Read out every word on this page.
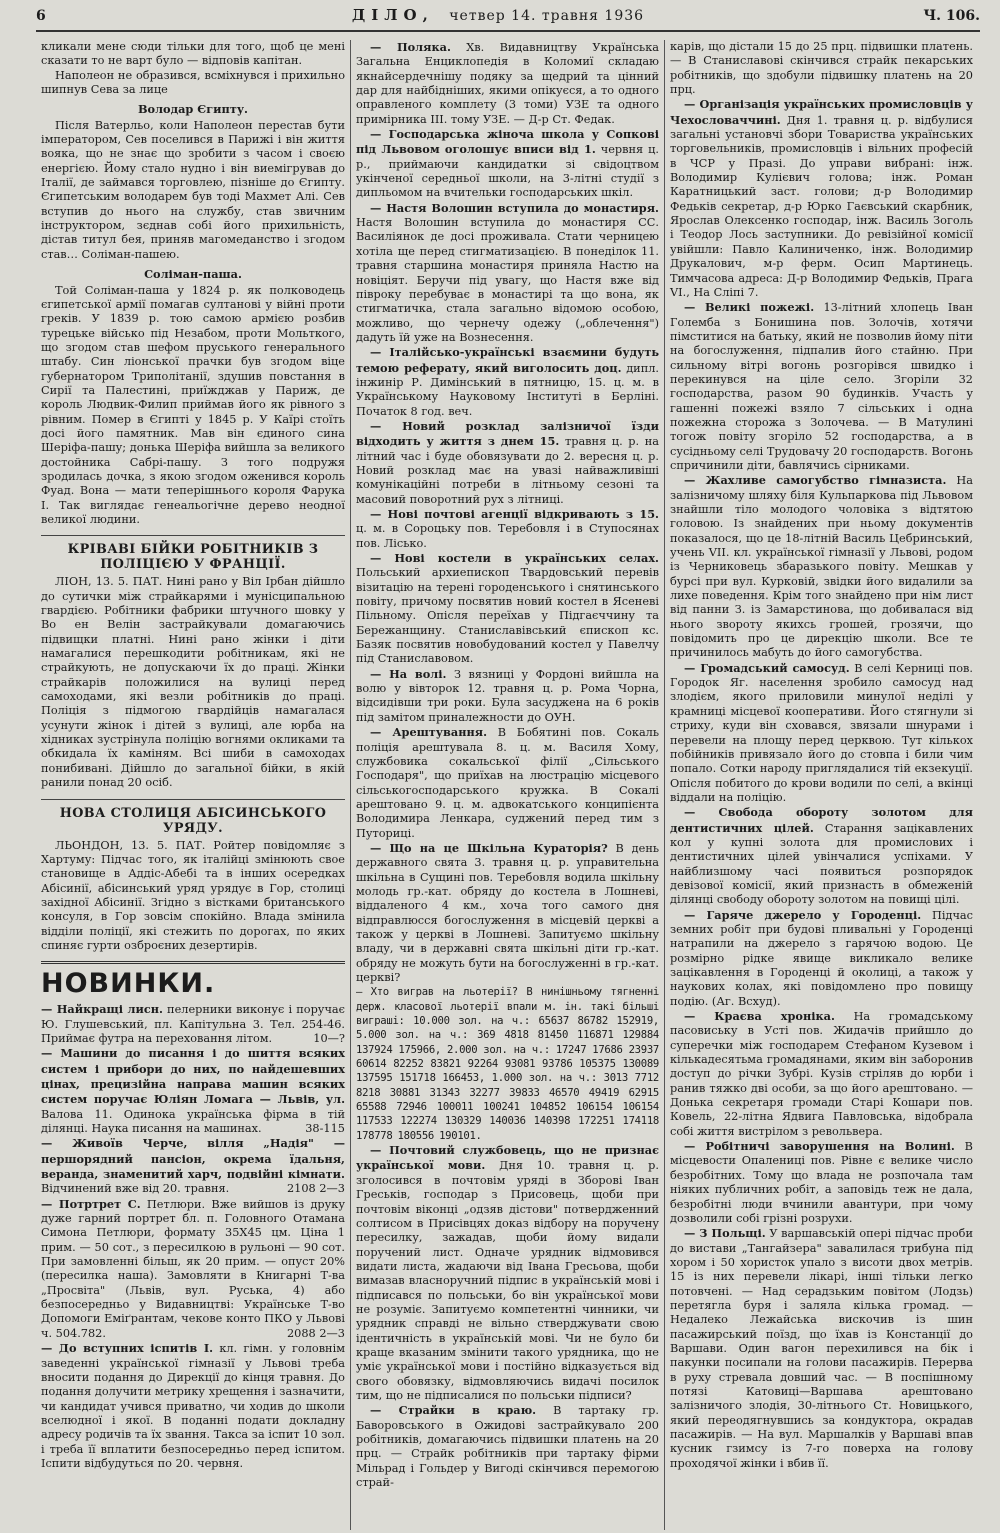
6	ДІЛО, четвер 14. травня 1936	Ч. 106.

кликали мене сюди тільки для того, щоб це мені сказати то не варт було — відповів капітан.

Наполеон не образився, всміхнувся і прихильно шипнув Сева за лице

Володар Єгипту.

Після Ватерльо, коли Наполеон перестав бути імператором, Сев поселився в Парижі і він життя вояка, що не знає що зробити з часом і своєю енергією. Йому стало нудно і він виемігрував до Італії, де займався торговлею, пізніше до Єгипту. Єгипетським володарем був тоді Махмет Алі. Сев вступив до нього на службу, став звичним інструктором, зєднав собі його прихильність, дістав титул бея, приняв магомеданство і згодом став… Соліман-пашею.

Соліман-паша.

Той Соліман-паша у 1824 р. як полководець єгипетської армії помагав султанові у війні проти греків. У 1839 р. тою самою армією розбив турецьке військо під Незабом, проти Мольткого, що згодом став шефом пруського генерального штабу. Син ліонської прачки був згодом віце губернатором Триполітанії, здушив повстання в Сирії та Палестині, приїжджав у Париж, де король Людвик-Филип приймав його як рівного з рівним. Помер в Єгипті у 1845 р. У Каїрі стоїть досі його памятник. Мав він єдиного сина Шеріфа-пашу; донька Шеріфа вийшла за великого достойника Сабрі-пашу. З того подружя зродилась дочка, з якою згодом оженився король Фуад. Вона — мати теперішнього короля Фарука І. Так виглядає генеальогічне дерево неодної великої людини.

КРІВАВІ БІЙКИ РОБІТНИКІВ З ПОЛІЦІЄЮ У ФРАНЦІЇ.

ЛІОН, 13. 5. ПАТ. Нині рано у Віл Ірбан дійшло до сутички між страйкарями і мунісципальною гвардією. Робітники фабрики штучного шовку у Во ен Велін застрайкували домагаючись підвищки платні. Нині рано жінки і діти намагалися перешкодити робітникам, які не страйкують, не допускаючи їх до праці. Жінки страйкарів положилися на вулиці перед самоходами, які везли робітників до праці. Поліція з підмогою гвардійців намагалася усунути жінок і дітей з вулиці, але юрба на хідниках зустрінула поліцію вогнями окликами та обкидала їх каміням. Всі шиби в самоходах понибивані. Дійшло до загальної бійки, в якій ранили понад 20 осіб.

НОВА СТОЛИЦЯ АБІСИНСЬКОГО УРЯДУ.

ЛЬОНДОН, 13. 5. ПАТ. Ройтер повідомляє з Хартуму: Підчас того, як італійці змінюють свое становище в Аддіс-Абебі та в інших осередках Абісинії, абісинський уряд урядує в Гор, столиці західної Абісинії. Згідно з вістками британського консуля, в Гор зовсім спокійно. Влада змінила відділи поліції, які стежить по дорогах, по яких спиняє гурти озброєних дезертирів.

НОВИНКИ.

— Найкращі лисн. пелерники виконує і поручає Ю. Глушевський, пл. Капітульна 3. Тел. 254-46. Приймає футра на переховання літом.	10—?

— Машини до писання і до шиття всяких систем і прибори до них, по найдешевших цінах, прецизійна направа машин всяких систем поручає Юліян Ломага — Львів, ул. Валова 11. Одинока українська фірма в тій ділянці. Наука писання на машинах.	38-115

— Живоїв Черче, вілля „Надія" — першорядний пансіон, окрема їдальня, веранда, знаменитий харч, подвійні кімнати. Відчинений вже від 20. травня.	2108 2—3

— Потртрет С. Петлюри. Вже вийшов із друку дуже гарний портрет бл. п. Головного Отамана Симона Петлюри, формату 35Х45 цм. Ціна 1 прим. — 50 сот., з пересилкою в рульоні — 90 сот. При замовленні більш, як 20 прим. — опуст 20% (пересилка наша). Замовляти в Книгарні Т-ва „Просвіта" (Львів, вул. Руська, 4) або безпосередньо у Видавництві: Українське Т-во Допомоги Еміґрантам, чекове конто ПКО у Львові ч. 504.782.	2088 2—3

— До вступних іспитів І. кл. гімн. у головнім заведенні української гімназії у Львові треба вносити подання до Дирекції до кінця травня. До подання долучити метрику хрещення і зазначити, чи кандидат учився приватно, чи ходив до школи вселюдної і якої. В поданні подати докладну адресу родичів та їх звання. Такса за іспит 10 зол. і треба її вплатити безпосередньо перед іспитом. Іспити відбудуться по 20. червня.

— Поляка. Хв. Видавництву Українська Загальна Енциклопедія в Коломиї складаю якнайсердечнішу подяку за щедрий та цінний дар для найбідніших, якими опікуєся, а то одного оправленого комплету (3 томи) УЗЕ та одного примірника III. тому УЗЕ. — Д-р Ст. Федак.

— Господарська жіноча школа у Сопкові під Львовом оголошує вписи від 1. червня ц. р., приймаючи кандидатки зі свідоцтвом укінченої середньої школи, на 3-літні студії з дипльомом на вчительки господарських шкіл.

— Настя Волошин вступила до монастиря. Настя Волошин вступила до монастиря СС. Василіянок де досі проживала. Стати черницею хотіла ще перед стигматизацією. В понеділок 11. травня старшина монастиря приняла Настю на новіціят. Беручи під увагу, що Настя вже від півроку перебуває в монастирі та що вона, як стигматичка, стала загально відомою особою, можливо, що чернечу одежу („облечення") дадуть їй уже на Вознесення.

— Італійсько-українські взаємини будуть темою реферату, який виголосить доц. дипл. інжинір Р. Димінський в пятницю, 15. ц. м. в Українському Науковому Інституті в Берліні. Початок 8 год. веч.

— Новий розклад залізничої їзди відходить у життя з днем 15. травня ц. р. на літний час і буде обовязувати до 2. вересня ц. р. Новий розклад має на увазі найважливіші комунікаційні потреби в літньому сезоні та масовий поворотний рух з літниці.

— Нові почтові агенції відкривають з 15. ц. м. в Сороцьку пов. Теребовля і в Ступосянах пов. Лісько.

— Нові костели в українських селах. Польський архиепископ Твардовський перевів візитацію на терені городенського і снятинського повіту, причому посвятив новий костел в Ясеневі Пільному. Опісля переїхав у Підгаєччину та Бережанщину. Станиславівський єпископ кс. Базяк посвятив новобудований костел у Павелчу під Станиславовом.

— На волі. З вязниці у Фордоні вийшла на волю у вівторок 12. травня ц. р. Рома Чорна, відсидівши три роки. Була засуджена на 6 років під замітом приналежности до ОУН.

— Арештування. В Бобятині пов. Сокаль поліція арештувала 8. ц. м. Василя Хому, службовика сокальської філії „Сільського Господаря", що приїхав на люстрацію місцевого сільськогосподарського кружка. В Сокалі арештовано 9. ц. м. адвокатського конципієнта Володимира Ленкара, суджений перед тим з Путориці.

— Що на це Шкільна Кураторія? В день державного свята 3. травня ц. р. управительна шкільна в Сущині пов. Теребовля водила шкільну молодь гр.-кат. обряду до костела в Лошневі, віддаленого 4 км., хоча того самого дня відправлюсся богослуження в місцевій церкві а також у церкві в Лошневі. Запитуємо шкільну владу, чи в державні свята шкільні діти гр.-кат. обряду не можуть бути на богослуженні в гр.-кат. церкві?

— Хто виграв на льотерії? В нинішньому тягненні держ. класової льотерії впали м. ін. такі більші виграші: 10.000 зол. на ч.: 65637 86782 152919, 5.000 зол. на ч.: 369 4818 81450 116871 129884 137924 175966, 2.000 зол. на ч.: 17247 17686 23937 60614 82252 83821 92264 93081 93786 105375 130089 137595 151718 166453, 1.000 зол. на ч.: 3013 7712 8218 30881 31343 32277 39833 46570 49419 62915 65588 72946 100011 100241 104852 106154 106154 117533 122274 130329 140036 140398 172251 174118 178778 180556 190101.

— Почтовий службовець, що не признає української мови. Дня 10. травня ц. р. зголосився в почтовім уряді в Зборові Іван Греськів, господар з Присовець, щоби при почтовім віконці „одзяв дістови" потвердженний солтисом в Присівцях доказ відбору на поручену пересилку, зажадав, щоби йому видали поручений лист. Одначе урядник відмовився видати листа, жадаючи від Івана Гресьова, щоби вимазав власноручний підпис в українській мові і підписався по польськи, бо він української мови не розуміє. Запитуємо компетентні чинники, чи урядник справді не вільно стверджувати свою ідентичність в українській мові. Чи не було би краще вказаним змінити такого урядника, що не уміє української мови і постійно відказується від свого обовязку, відмовляючись видачі посилок тим, що не підписалися по польськи підписи?

— Страйки в краю. В тартаку гр. Баворовського в Ожидові застрайкувало 200 робітників, домагаючись підвишки платень на 20 прц. — Страйк робітників при тартаку фірми Мільрад і Гольдер у Вигоді скінчився перемогою страй-

карів, що дістали 15 до 25 прц. підвишки платень. — В Станиславові скінчився страйк пекарських робітників, що здобули підвишку платень на 20 прц.

— Організація українських промисловців у Чехословаччині. Дня 1. травня ц. р. відбулися загальні установчі збори Товариства українських торговельників, промисловців і вільних професій в ЧСР у Празі. До управи вибрані: інж. Володимир Кулієвич голова; інж. Роман Каратницький заст. голови; д-р Володимир Федьків секретар, д-р Юрко Гаєвський скарбник, Ярослав Олексенко господар, інж. Василь Зоголь і Теодор Лось заступники. До ревізійної комісії увійшли: Павло Калиниченко, інж. Володимир Друкалович, м-р ферм. Осип Мартинець. Тимчасова адреса: Д-р Володимир Федьків, Прага VI., На Сліпі 7.

— Великі пожежі. 13-літний хлопець Іван Големба з Бонишина пов. Золочів, хотячи пімститися на батьку, який не позволив йому піти на богослуження, підпалив його стайню. При сильному вітрі вогонь розгорівся швидко і перекинувся на ціле село. Згоріли 32 господарства, разом 90 будинків. Участь у гашенні пожежі взяло 7 сільських і одна пожежна сторожа з Золочева. — В Матулині тогож повіту згоріло 52 господарства, а в сусідньому селі Трудовачу 20 господарств. Вогонь спричинили діти, бавлячись сірниками.

— Жахливе самогубство гімназиста. На залізничому шляху біля Кульпаркова під Львовом знайшли тіло молодого чоловіка з відтятою головою. Із знайдених при ньому документів показалося, що це 18-літній Василь Цебринський, учень VII. кл. української гімназії у Львові, родом із Черниковець збаразького повіту. Мешкав у бурсі при вул. Курковій, звідки його видалили за лихе поведення. Крім того знайдено при нім лист від панни З. із Замарстинова, що добивалася від нього звороту якихсь грошей, грозячи, що повідомить про це дирекцію школи. Все те причинилось мабуть до його самогубства.

— Громадський самосуд. В селі Керниці пов. Городок Яг. населення зробило самосуд над злодієм, якого приловили минулої неділі у крамниці місцевої кооперативи. Його стягнули зі стриху, куди він сховався, звязали шнурами і перевели на площу перед церквою. Тут кількох побійників привязало його до стовпа і били чим попало. Сотки народу приглядалися тій екзекуції. Опісля побитого до крови водили по селі, а вкінці віддали на поліцію.

— Свобода обороту золотом для дентистичних цілей. Старання зацікавлених кол у купні золота для промислових і дентистичних цілей увінчалися успіхами. У найблизшому часі появиться розпорядок девізової комісії, який признасть в обмеженій ділянці свободу обороту золотом на повищі цілі.

— Гаряче джерело у Городенці. Підчас земних робіт при будові пливальні у Городенці натрапили на джерело з гарячою водою. Це розмірно рідке явище викликало велике зацікавлення в Городенці й околиці, а також у наукових колах, які повідомлено про повищу подію. (Аг. Всхуд).

— Краєва хроніка. На громадському пасовиську в Усті пов. Жидачів прийшло до суперечки між господарем Стефаном Кузевом і кількадесятьма громадянами, яким він заборонив доступ до річки Зубрі. Кузів стріляв до юрби і ранив тяжко дві особи, за що його арештовано. — Донька секретаря громади Старі Кошари пов. Ковель, 22-літна Ядвига Павловська, відобрала собі життя вистрілом з револьвера.

— Робітничі заворушення на Волині. В місцевости Опалениці пов. Рівне є велике число безробітних. Тому що влада не розпочала там ніяких публичних робіт, а заповідь теж не дала, безробітні люди вчинили авантури, при чому дозволили собі грізні розрухи.

— З Польщі. У варшавській опері підчас проби до вистави „Тангайзера" завалилася трибуна під хором і 50 хористок упало з висоти двох метрів. 15 із них перевели лікарі, інші тільки легко потовчені. — Над серадзьким повітом (Лодзь) перетягла буря і заляла кілька громад. — Недалеко Лежайська вискочив із шин пасажирський поїзд, що їхав із Констанції до Варшави. Один вагон перехилився на бік і пакунки посипали на голови пасажирів. Перерва в руху стревала довший час. — В поспішному потязі Катовиці—Варшава арештовано залізничого злодія, 30-літнього Ст. Новицького, який переодягнувшись за кондуктора, окрадав пасажирів. — На вул. Маршалків у Варшаві впав кусник гзимсу із 7-го поверха на голову проходячої жінки і вбив її.
